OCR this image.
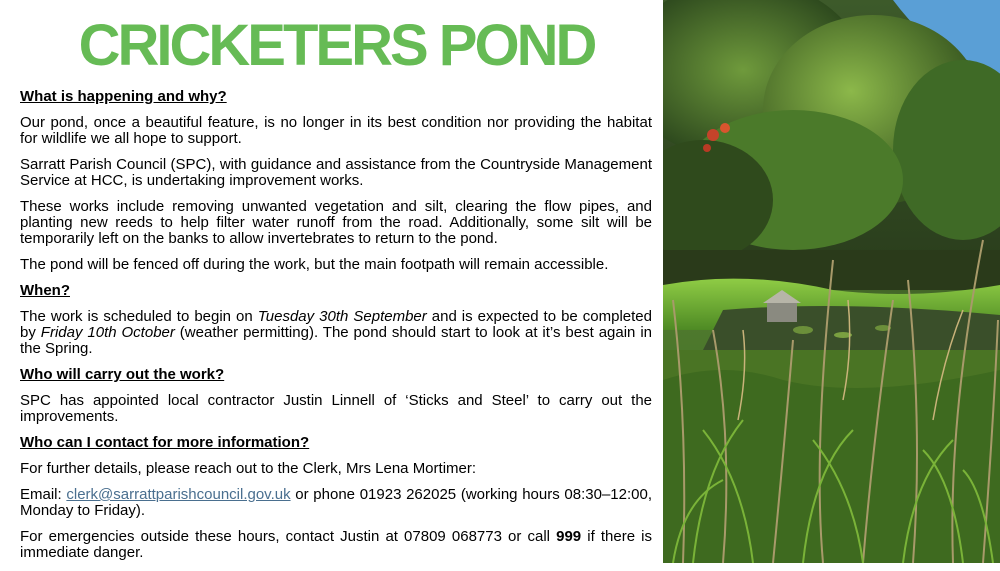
CRICKETERS POND
What is happening and why?

Our pond, once a beautiful feature, is no longer in its best condition nor providing the habitat for wildlife we all hope to support.

Sarratt Parish Council (SPC), with guidance and assistance from the Countryside Management Service at HCC, is undertaking improvement works.

These works include removing unwanted vegetation and silt, clearing the flow pipes, and planting new reeds to help filter water runoff from the road. Additionally, some silt will be temporarily left on the banks to allow invertebrates to return to the pond.

The pond will be fenced off during the work, but the main footpath will remain accessible.

When?

The work is scheduled to begin on Tuesday 30th September and is expected to be completed by Friday 10th October (weather permitting). The pond should start to look at it’s best again in the Spring.

Who will carry out the work?

SPC has appointed local contractor Justin Linnell of ‘Sticks and Steel’ to carry out the improvements.

Who can I contact for more information?

For further details, please reach out to the Clerk, Mrs Lena Mortimer:

Email: clerk@sarrattparishcouncil.gov.uk or phone 01923 262025 (working hours 08:30–12:00, Monday to Friday).

For emergencies outside these hours, contact Justin at 07809 068773 or call 999 if there is immediate danger.
